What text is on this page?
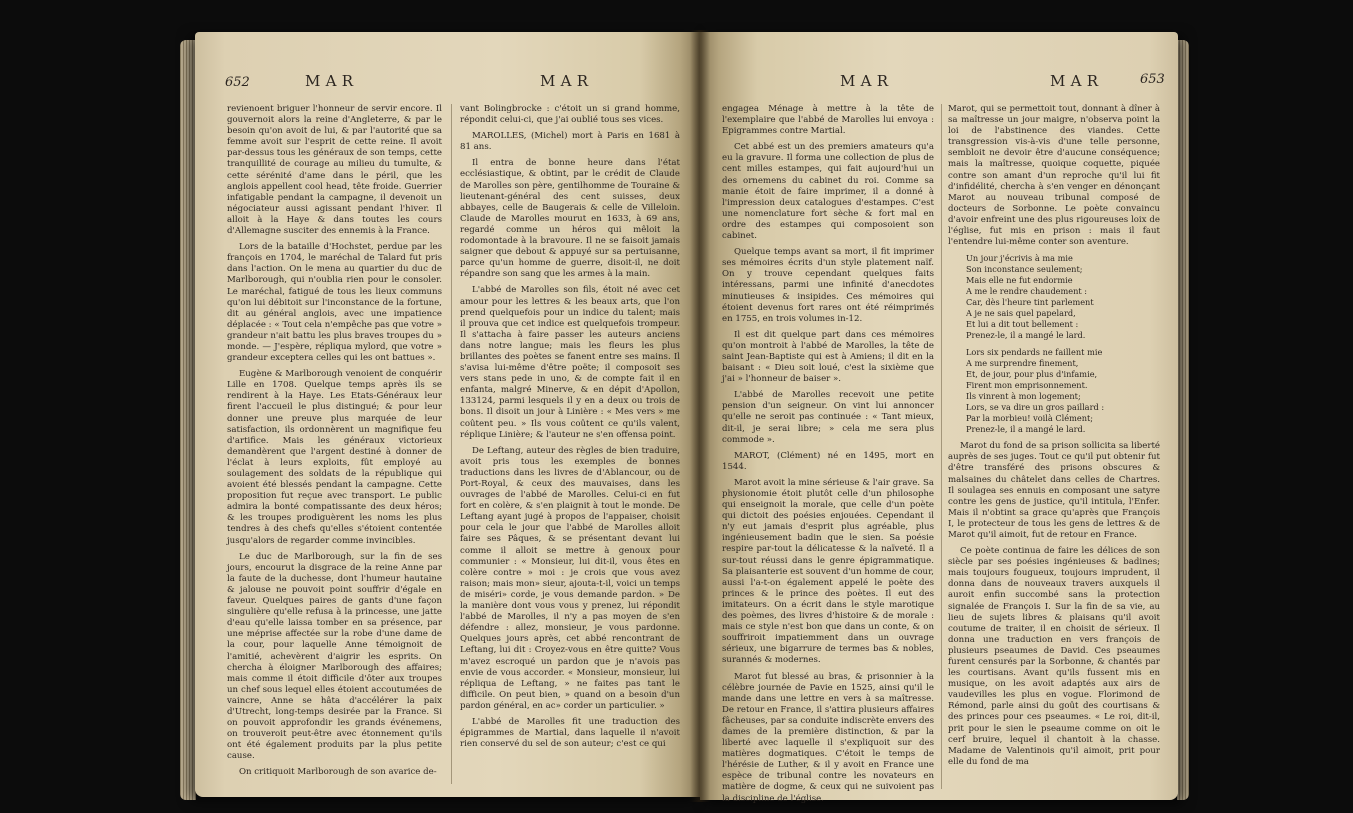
652	MAR	MAR

revienoent briguer l'honneur de servir encore. Il gouvernoit alors la reine d'Angleterre, & par le besoin qu'on avoit de lui, & par l'autorité que sa femme avoit sur l'esprit de cette reine. Il avoit par-dessus tous les généraux de son temps, cette tranquillité de courage au milieu du tumulte, & cette sérénité d'ame dans le péril, que les anglois appellent cool head, tête froide. Guerrier infatigable pendant la campagne, il devenoit un négociateur aussi agissant pendant l'hiver. Il alloit à la Haye & dans toutes les cours d'Allemagne susciter des ennemis à la France.

Lors de la bataille d'Hochstet, perdue par les françois en 1704, le maréchal de Talard fut pris dans l'action. On le mena au quartier du duc de Marlborough, qui n'oublia rien pour le consoler. Le maréchal, fatigué de tous les lieux communs qu'on lui débitoit sur l'inconstance de la fortune, dit au général anglois, avec une impatience déplacée : « Tout cela n'empêche pas que votre » grandeur n'ait battu les plus braves troupes du » monde. — J'espère, répliqua mylord, que votre » grandeur exceptera celles qui les ont battues ».

Eugène & Marlborough venoient de conquérir Lille en 1708. Quelque temps après ils se rendirent à la Haye. Les Etats-Généraux leur firent l'accueil le plus distingué; & pour leur donner une preuve plus marquée de leur satisfaction, ils ordonnèrent un magnifique feu d'artifice. Mais les généraux victorieux demandèrent que l'argent destiné à donner de l'éclat à leurs exploits, fût employé au soulagement des soldats de la république qui avoient été blessés pendant la campagne. Cette proposition fut reçue avec transport. Le public admira la bonté compatissante des deux héros; & les troupes prodiguèrent les noms les plus tendres à des chefs qu'elles s'étoient contentée jusqu'alors de regarder comme invincibles.

Le duc de Marlborough, sur la fin de ses jours, encourut la disgrace de la reine Anne par la faute de la duchesse, dont l'humeur hautaine & jalouse ne pouvoit point souffrir d'égale en faveur. Quelques paires de gants d'une façon singulière qu'elle refusa à la princesse, une jatte d'eau qu'elle laissa tomber en sa présence, par une méprise affectée sur la robe d'une dame de la cour, pour laquelle Anne témoignoit de l'amitié, achevèrent d'aigrir les esprits. On chercha à éloigner Marlborough des affaires; mais comme il étoit difficile d'ôter aux troupes un chef sous lequel elles étoient accoutumées de vaincre, Anne se hâta d'accélérer la paix d'Utrecht, long-temps desirée par la France. Si on pouvoit approfondir les grands événemens, on trouveroit peut-être avec étonnement qu'ils ont été également produits par la plus petite cause.

On critiquoit Marlborough de son avarice de-

vant Bolingbrocke : c'étoit un si grand homme, répondit celui-ci, que j'ai oublié tous ses vices.

MAROLLES, (Michel) mort à Paris en 1681 à 81 ans.

Il entra de bonne heure dans l'état ecclésiastique, & obtint, par le crédit de Claude de Marolles son père, gentilhomme de Touraine & lieutenant-général des cent suisses, deux abbayes, celle de Baugerais & celle de Villeloin. Claude de Marolles mourut en 1633, à 69 ans, regardé comme un héros qui mêloit la rodomontade à la bravoure. Il ne se faisoit jamais saigner que debout & appuyé sur sa pertuisanne, parce qu'un homme de guerre, disoit-il, ne doit répandre son sang que les armes à la main.

L'abbé de Marolles son fils, étoit né avec cet amour pour les lettres & les beaux arts, que l'on prend quelquefois pour un indice du talent; mais il prouva que cet indice est quelquefois trompeur. Il s'attacha à faire passer les auteurs anciens dans notre langue; mais les fleurs les plus brillantes des poètes se fanent entre ses mains. Il s'avisa lui-même d'être poëte; il composoit ses vers stans pede in uno, & de compte fait il en enfanta, malgré Minerve, & en dépit d'Apollon, 133124, parmi lesquels il y en a deux ou trois de bons. Il disoit un jour à Linière : « Mes vers » me coûtent peu. » Ils vous coûtent ce qu'ils valent, réplique Linière; & l'auteur ne s'en offensa point.

De Leftang, auteur des règles de bien traduire, avoit pris tous les exemples de bonnes traductions dans les livres de d'Ablancour, ou de Port-Royal, & ceux des mauvaises, dans les ouvrages de l'abbé de Marolles. Celui-ci en fut fort en colère, & s'en plaignit à tout le monde. De Leftang ayant jugé à propos de l'appaiser, choisit pour cela le jour que l'abbé de Marolles alloit faire ses Pâques, & se présentant devant lui comme il alloit se mettre à genoux pour communier : « Monsieur, lui dit-il, vous êtes en colère contre » moi : je crois que vous avez raison; mais mon» sieur, ajouta-t-il, voici un temps de miséri» corde, je vous demande pardon. » De la manière dont vous vous y prenez, lui répondit l'abbé de Marolles, il n'y a pas moyen de s'en défendre : allez, monsieur, je vous pardonne. Quelques jours après, cet abbé rencontrant de Leftang, lui dit : Croyez-vous en être quitte? Vous m'avez escroqué un pardon que je n'avois pas envie de vous accorder. « Monsieur, monsieur, lui répliqua de Leftang, » ne faites pas tant le difficile. On peut bien, » quand on a besoin d'un pardon général, en ac» corder un particulier. »

L'abbé de Marolles fit une traduction des épigrammes de Martial, dans laquelle il n'avoit rien conservé du sel de son auteur; c'est ce qui

MAR	MAR	653

engagea Ménage à mettre à la tête de l'exemplaire que l'abbé de Marolles lui envoya : Epigrammes contre Martial.

Cet abbé est un des premiers amateurs qu'a eu la gravure. Il forma une collection de plus de cent milles estampes, qui fait aujourd'hui un des ornemens du cabinet du roi. Comme sa manie étoit de faire imprimer, il a donné à l'impression deux catalogues d'estampes. C'est une nomenclature fort sèche & fort mal en ordre des estampes qui composoient son cabinet.

Quelque temps avant sa mort, il fit imprimer ses mémoires écrits d'un style platement naïf. On y trouve cependant quelques faits intéressans, parmi une infinité d'anecdotes minutieuses & insipides. Ces mémoires qui étoient devenus fort rares ont été réimprimés en 1755, en trois volumes in-12.

Il est dit quelque part dans ces mémoires qu'on montroit à l'abbé de Marolles, la tête de saint Jean-Baptiste qui est à Amiens; il dit en la baisant : « Dieu soit loué, c'est la sixième que j'ai » l'honneur de baiser ».

L'abbé de Marolles recevoit une petite pension d'un seigneur. On vint lui annoncer qu'elle ne seroit pas continuée : « Tant mieux, dit-il, je serai libre; » cela me sera plus commode ».

MAROT, (Clément) né en 1495, mort en 1544.

Marot avoit la mine sérieuse & l'air grave. Sa physionomie étoit plutôt celle d'un philosophe qui enseignoit la morale, que celle d'un poète qui dictoit des poésies enjouées. Cependant il n'y eut jamais d'esprit plus agréable, plus ingénieusement badin que le sien. Sa poésie respire par-tout la délicatesse & la naïveté. Il a sur-tout réussi dans le genre épigrammatique. Sa plaisanterie est souvent d'un homme de cour, aussi l'a-t-on également appelé le poète des princes & le prince des poètes. Il eut des imitateurs. On a écrit dans le style marotique des poèmes, des livres d'histoire & de morale : mais ce style n'est bon que dans un conte, & on souffriroit impatiemment dans un ouvrage sérieux, une bigarrure de termes bas & nobles, surannés & modernes.

Marot fut blessé au bras, & prisonnier à la célèbre journée de Pavie en 1525, ainsi qu'il le mande dans une lettre en vers à sa maîtresse. De retour en France, il s'attira plusieurs affaires fâcheuses, par sa conduite indiscrète envers des dames de la première distinction, & par la liberté avec laquelle il s'expliquoit sur des matières dogmatiques. C'étoit le temps de l'hérésie de Luther, & il y avoit en France une espèce de tribunal contre les novateurs en matière de dogme, & ceux qui ne suivoient pas la discipline de l'église.

Marot, qui se permettoit tout, donnant à dîner à sa maîtresse un jour maigre, n'observa point la loi de l'abstinence des viandes. Cette transgression vis-à-vis d'une telle personne, sembloit ne devoir être d'aucune conséquence; mais la maîtresse, quoique coquette, piquée contre son amant d'un reproche qu'il lui fit d'infidélité, chercha à s'en venger en dénonçant Marot au nouveau tribunal composé de docteurs de Sorbonne. Le poète convaincu d'avoir enfreint une des plus rigoureuses loix de l'église, fut mis en prison : mais il faut l'entendre lui-même conter son aventure.

Un jour j'écrivis à ma mie
Son inconstance seulement;
Mais elle ne fut endormie
A me le rendre chaudement :
Car, dès l'heure tint parlement
A je ne sais quel papelard,
Et lui a dit tout bellement :
Prenez-le, il a mangé le lard.
Lors six pendards ne faillent mie
A me surprendre finement,
Et, de jour, pour plus d'infamie,
Firent mon emprisonnement.
Ils vinrent à mon logement;
Lors, se va dire un gros paillard :
Par la morbieu! voilà Clément;
Prenez-le, il a mangé le lard.

Marot du fond de sa prison sollicita sa liberté auprès de ses juges. Tout ce qu'il put obtenir fut d'être transféré des prisons obscures & malsaines du châtelet dans celles de Chartres. Il soulagea ses ennuis en composant une satyre contre les gens de justice, qu'il intitula, l'Enfer. Mais il n'obtint sa grace qu'après que François I, le protecteur de tous les gens de lettres & de Marot qu'il aimoit, fut de retour en France.

Ce poète continua de faire les délices de son siècle par ses poésies ingénieuses & badines; mais toujours fougueux, toujours imprudent, il donna dans de nouveaux travers auxquels il auroit enfin succombé sans la protection signalée de François I. Sur la fin de sa vie, au lieu de sujets libres & plaisans qu'il avoit coutume de traiter, il en choisit de sérieux. Il donna une traduction en vers françois de plusieurs pseaumes de David. Ces pseaumes furent censurés par la Sorbonne, & chantés par les courtisans. Avant qu'ils fussent mis en musique, on les avoit adaptés aux airs de vaudevilles les plus en vogue. Florimond de Rémond, parle ainsi du goût des courtisans & des princes pour ces pseaumes. « Le roi, dit-il, prit pour le sien le pseaume comme on oit le cerf bruire, lequel il chantoit à la chasse. Madame de Valentinois qu'il aimoit, prit pour elle du fond de ma
